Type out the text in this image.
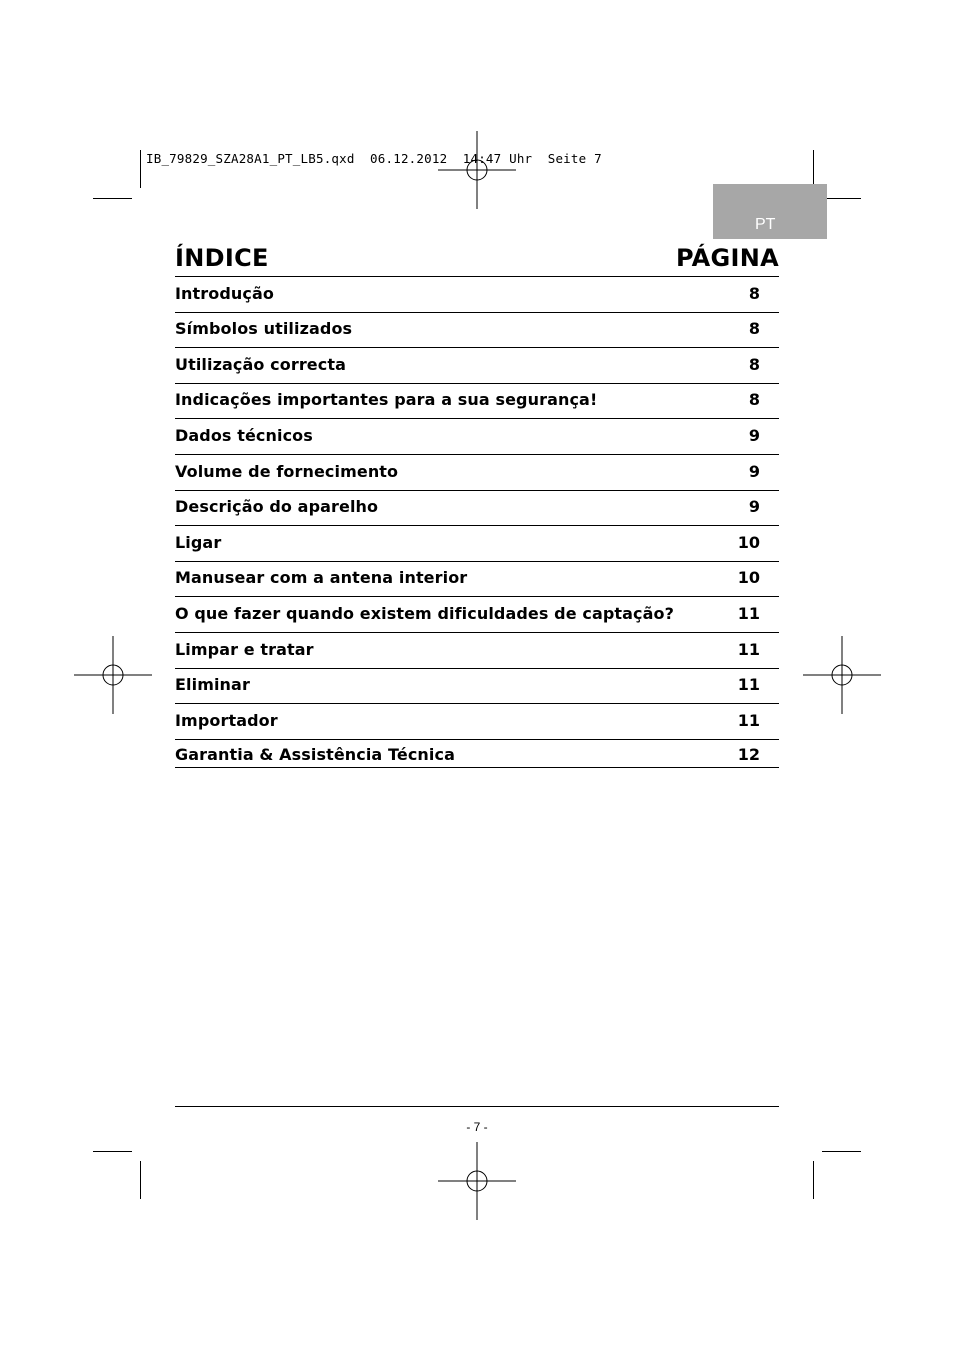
IB_79829_SZA28A1_PT_LB5.qxd  06.12.2012  14:47 Uhr  Seite 7
PT
ÍNDICE	PÁGINA
Introdução	8
Símbolos utilizados	8
Utilização correcta	8
Indicações importantes para a sua segurança!	8
Dados técnicos	9
Volume de fornecimento	9
Descrição do aparelho	9
Ligar	10
Manusear com a antena interior	10
O que fazer quando existem dificuldades de captação?	11
Limpar e tratar	11
Eliminar	11
Importador	11
Garantia & Assistência Técnica	12
- 7 -
